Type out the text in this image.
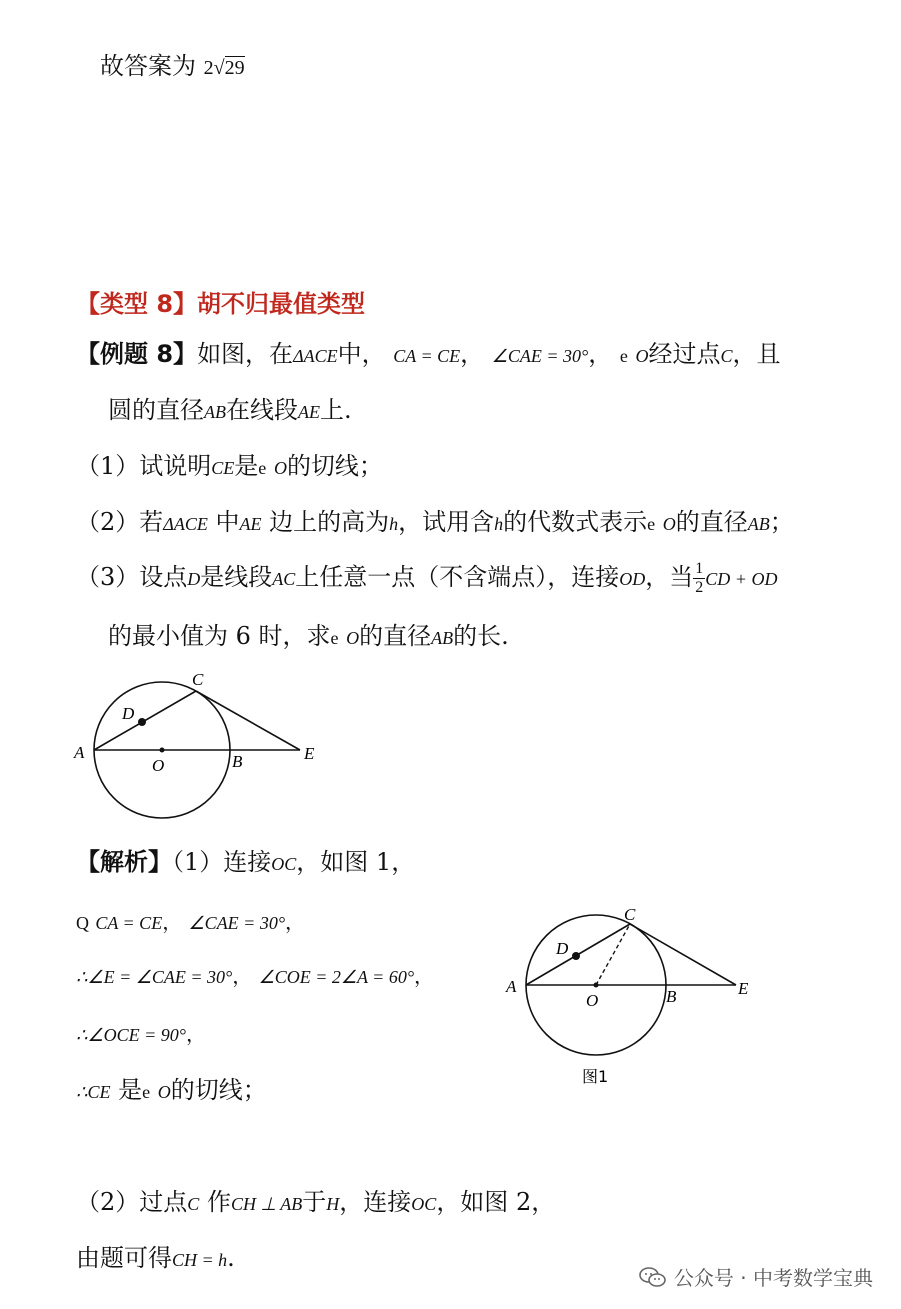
故答案为 2√29
【类型 8】胡不归最值类型
【例题 8】如图，在ΔACE中， CA = CE， ∠CAE = 30°， e O经过点C，且
圆的直径AB在线段AE上.
（1）试说明CE是e O的切线；
（2）若ΔACE 中AE 边上的高为h，试用含h的代数式表示e O的直径AB；
（3）设点D是线段AC上任意一点（不含端点），连接OD，当 $\frac{1}{2}$ CD + OD
的最小值为 6 时，求e O的直径AB的长.
A	B
C
D
E
O
【解析】（1）连接OC，如图 1，
Q CA = CE， ∠CAE = 30°，
∴∠E = ∠CAE = 30°， ∠COE = 2∠A = 60°，
∴∠OCE = 90°，
∴CE 是e O的切线；
A
B
C
D
E
O
图1
（2）过点C 作CH ⊥ AB于H，连接OC，如图 2，
由题可得CH = h.
公众号 · 中考数学宝典
